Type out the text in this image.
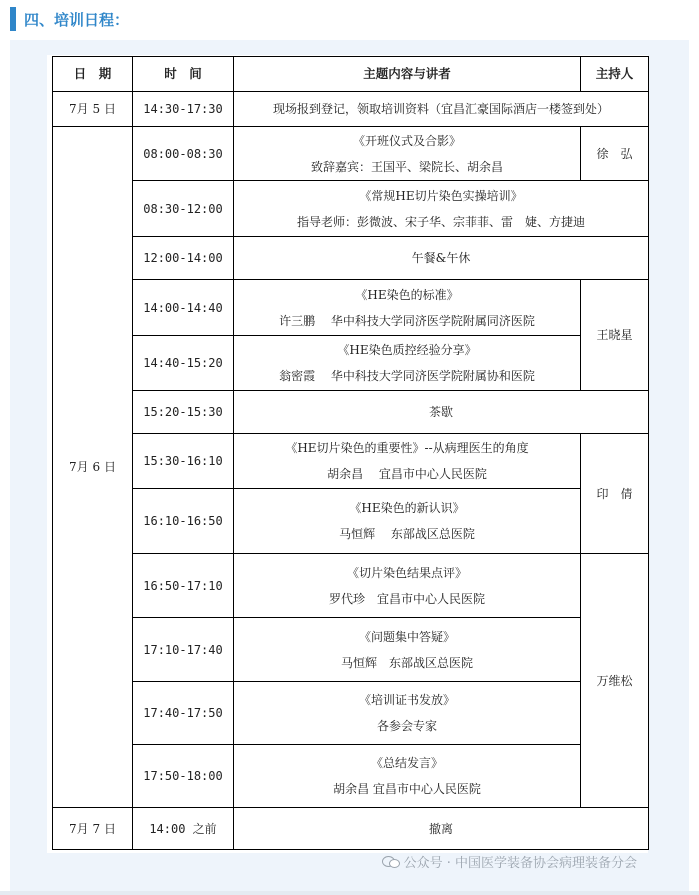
四、培训日程：
日　期	时　间	主题内容与讲者	主持人
7月 5 日	14:30-17:30	现场报到登记，领取培训资料（宜昌汇豪国际酒店一楼签到处）	
7月 6 日	08:00-08:30	《开班仪式及合影》
致辞嘉宾：王国平、梁院长、胡余昌	徐　弘
	08:30-12:00	《常规HE切片染色实操培训》
指导老师：彭微波、宋子华、宗菲菲、雷　婕、方捷迪	

	12:00-14:00	午餐&午休	
	14:00-14:40	《HE染色的标准》
许三鹏　 华中科技大学同济医学院附属同济医院	王晓星
	14:40-15:20	《HE染色质控经验分享》
翁密霞　 华中科技大学同济医学院附属协和医院	

	15:20-15:30	茶歇	
	15:30-16:10	《HE切片染色的重要性》--从病理医生的角度
胡余昌　 宜昌市中心人民医院	印　倩
	16:10-16:50	《HE染色的新认识》
马恒辉　 东部战区总医院	

	16:50-17:10	《切片染色结果点评》
罗代珍　宜昌市中心人民医院	万维松
	17:10-17:40	《问题集中答疑》
马恒辉　东部战区总医院	

	17:40-17:50	《培训证书发放》
各参会专家	

	17:50-18:00	《总结发言》
胡余昌 宜昌市中心人民医院	

7月 7 日	14:00 之前	撤离	
公众号 · 中国医学装备协会病理装备分会
